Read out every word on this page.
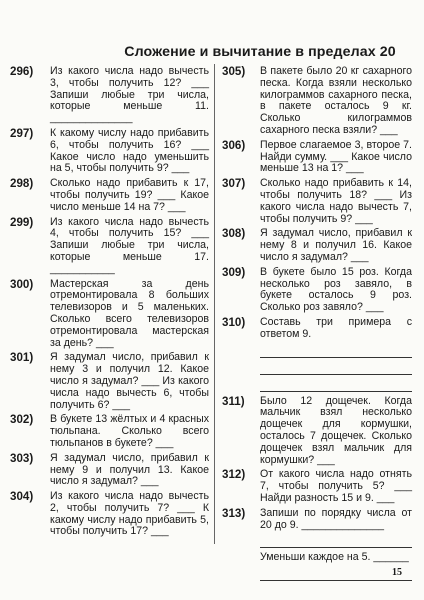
Сложение и вычитание в пределах 20
296)	Из какого числа надо вычесть 3, чтобы получить 12? ___ Запиши любые три числа, которые меньше 11. ______________
297)	К какому числу надо прибавить 6, чтобы получить 16? ___ Какое число надо уменьшить на 5, чтобы получить 9? ___
298)	Сколько надо прибавить к 17, чтобы получить 19? ___ Какое число меньше 14 на 7? ___
299)	Из какого числа надо вычесть 4, чтобы получить 15? ___ Запиши любые три числа, которые меньше 17. ___________
300)	Мастерская за день отремонтировала 8 больших телевизоров и 5 маленьких. Сколько всего телевизоров отремонтировала мастерская за день? ___
301)	Я задумал число, прибавил к нему 3 и получил 12. Какое число я задумал? ___ Из какого числа надо вычесть 6, чтобы получить 6? ___
302)	В букете 13 жёлтых и 4 красных тюльпана. Сколько всего тюльпанов в букете? ___
303)	Я задумал число, прибавил к нему 9 и получил 13. Какое число я задумал? ___
304)	Из какого числа надо вычесть 2, чтобы получить 7? ___ К какому числу надо прибавить 5, чтобы получить 17? ___
305)	В пакете было 20 кг сахарного песка. Когда взяли несколько килограммов сахарного песка, в пакете осталось 9 кг. Сколько килограммов сахарного песка взяли? ___
306)	Первое слагаемое 3, второе 7. Найди сумму. ___ Какое число меньше 13 на 1? ___
307)	Сколько надо прибавить к 14, чтобы получить 18? ___ Из какого числа надо вычесть 7, чтобы получить 9? ___
308)	Я задумал число, прибавил к нему 8 и получил 16. Какое число я задумал? ___
309)	В букете было 15 роз. Когда несколько роз завяло, в букете осталось 9 роз. Сколько роз завяло? ___
310)	Составь три примера с ответом 9.
311)	Было 12 дощечек. Когда мальчик взял несколько дощечек для кормушки, осталось 7 дощечек. Сколько дощечек взял мальчик для кормушки? ___
312)	От какого числа надо отнять 7, чтобы получить 5? ___ Найди разность 15 и 9. ___
313)	Запиши по порядку числа от 20 до 9. ______________
Уменьши каждое на 5. ______
15
